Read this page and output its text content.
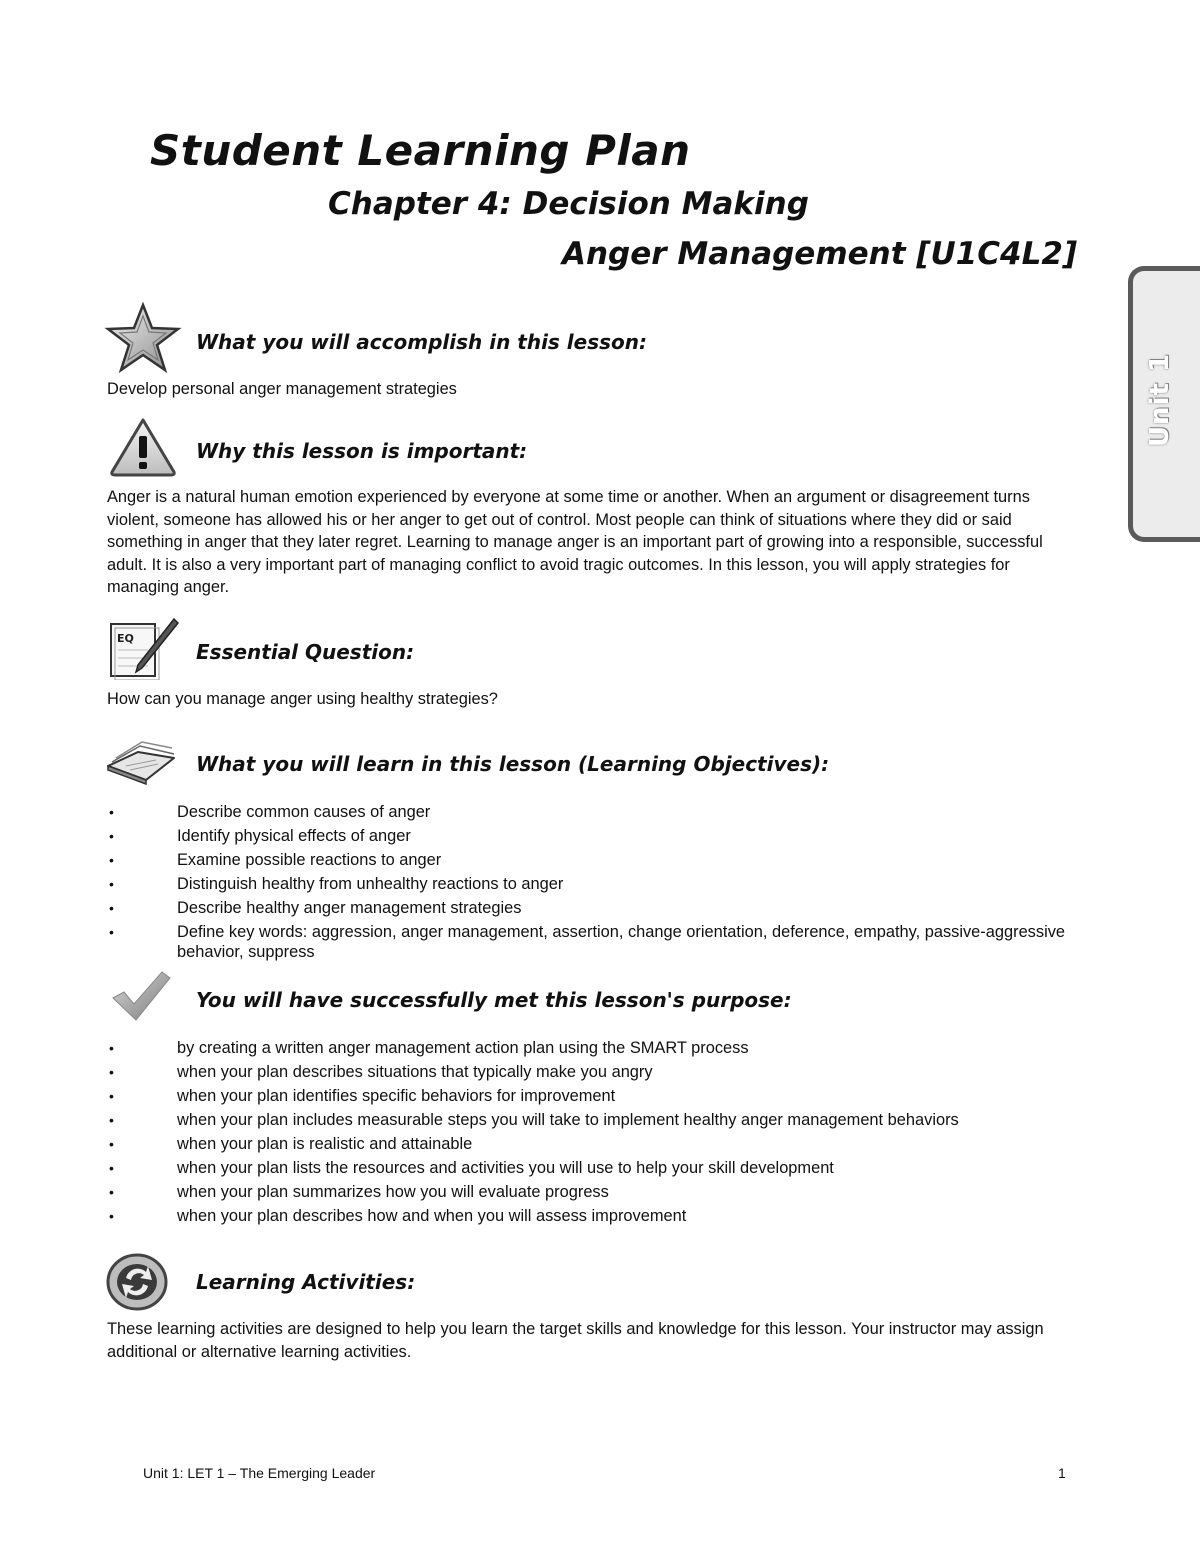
Student Learning Plan
Chapter 4: Decision Making
Anger Management [U1C4L2]
Unit 1
What you will accomplish in this lesson:
Develop personal anger management strategies
Why this lesson is important:
Anger is a natural human emotion experienced by everyone at some time or another. When an argument or disagreement turns violent, someone has allowed his or her anger to get out of control. Most people can think of situations where they did or said something in anger that they later regret. Learning to manage anger is an important part of growing into a responsible, successful adult. It is also a very important part of managing conflict to avoid tragic outcomes. In this lesson, you will apply strategies for managing anger.
EQ
Essential Question:
How can you manage anger using healthy strategies?
What you will learn in this lesson (Learning Objectives):
• Describe common causes of anger
• Identify physical effects of anger
• Examine possible reactions to anger
• Distinguish healthy from unhealthy reactions to anger
• Describe healthy anger management strategies
• Define key words: aggression, anger management, assertion, change orientation, deference, empathy, passive-aggressive behavior, suppress
You will have successfully met this lesson's purpose:
• by creating a written anger management action plan using the SMART process
• when your plan describes situations that typically make you angry
• when your plan identifies specific behaviors for improvement
• when your plan includes measurable steps you will take to implement healthy anger management behaviors
• when your plan is realistic and attainable
• when your plan lists the resources and activities you will use to help your skill development
• when your plan summarizes how you will evaluate progress
• when your plan describes how and when you will assess improvement
Learning Activities:
These learning activities are designed to help you learn the target skills and knowledge for this lesson. Your instructor may assign additional or alternative learning activities.
Unit 1: LET 1 – The Emerging Leader	1
